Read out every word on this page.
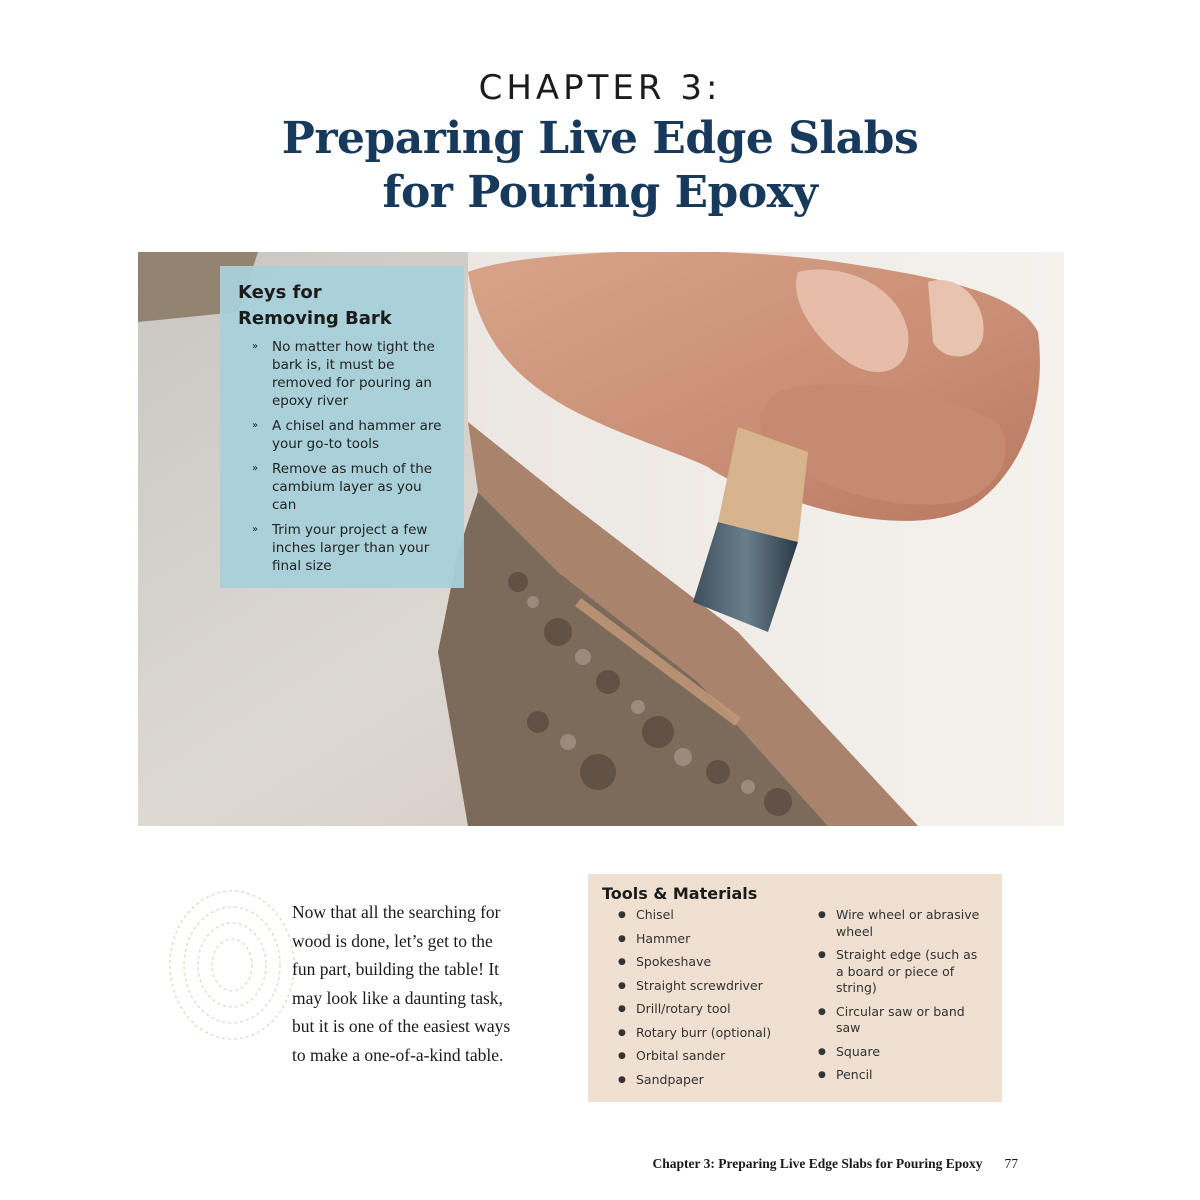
CHAPTER 3:
Preparing Live Edge Slabs
for Pouring Epoxy
Keys for
Removing Bark
» No matter how tight the bark is, it must be removed for pouring an epoxy river
» A chisel and hammer are your go-to tools
» Remove as much of the cambium layer as you can
» Trim your project a few inches larger than your final size

Now that all the searching for wood is done, let’s get to the fun part, building the table! It may look like a daunting task, but it is one of the easiest ways to make a one-of-a-kind table.

Tools & Materials
● Chisel
● Hammer
● Spokeshave
● Straight screwdriver
● Drill/rotary tool
● Rotary burr (optional)
● Orbital sander
● Sandpaper
● Wire wheel or abrasive wheel
● Straight edge (such as a board or piece of string)
● Circular saw or band saw
● Square
● Pencil
Chapter 3: Preparing Live Edge Slabs for Pouring Epoxy 77
